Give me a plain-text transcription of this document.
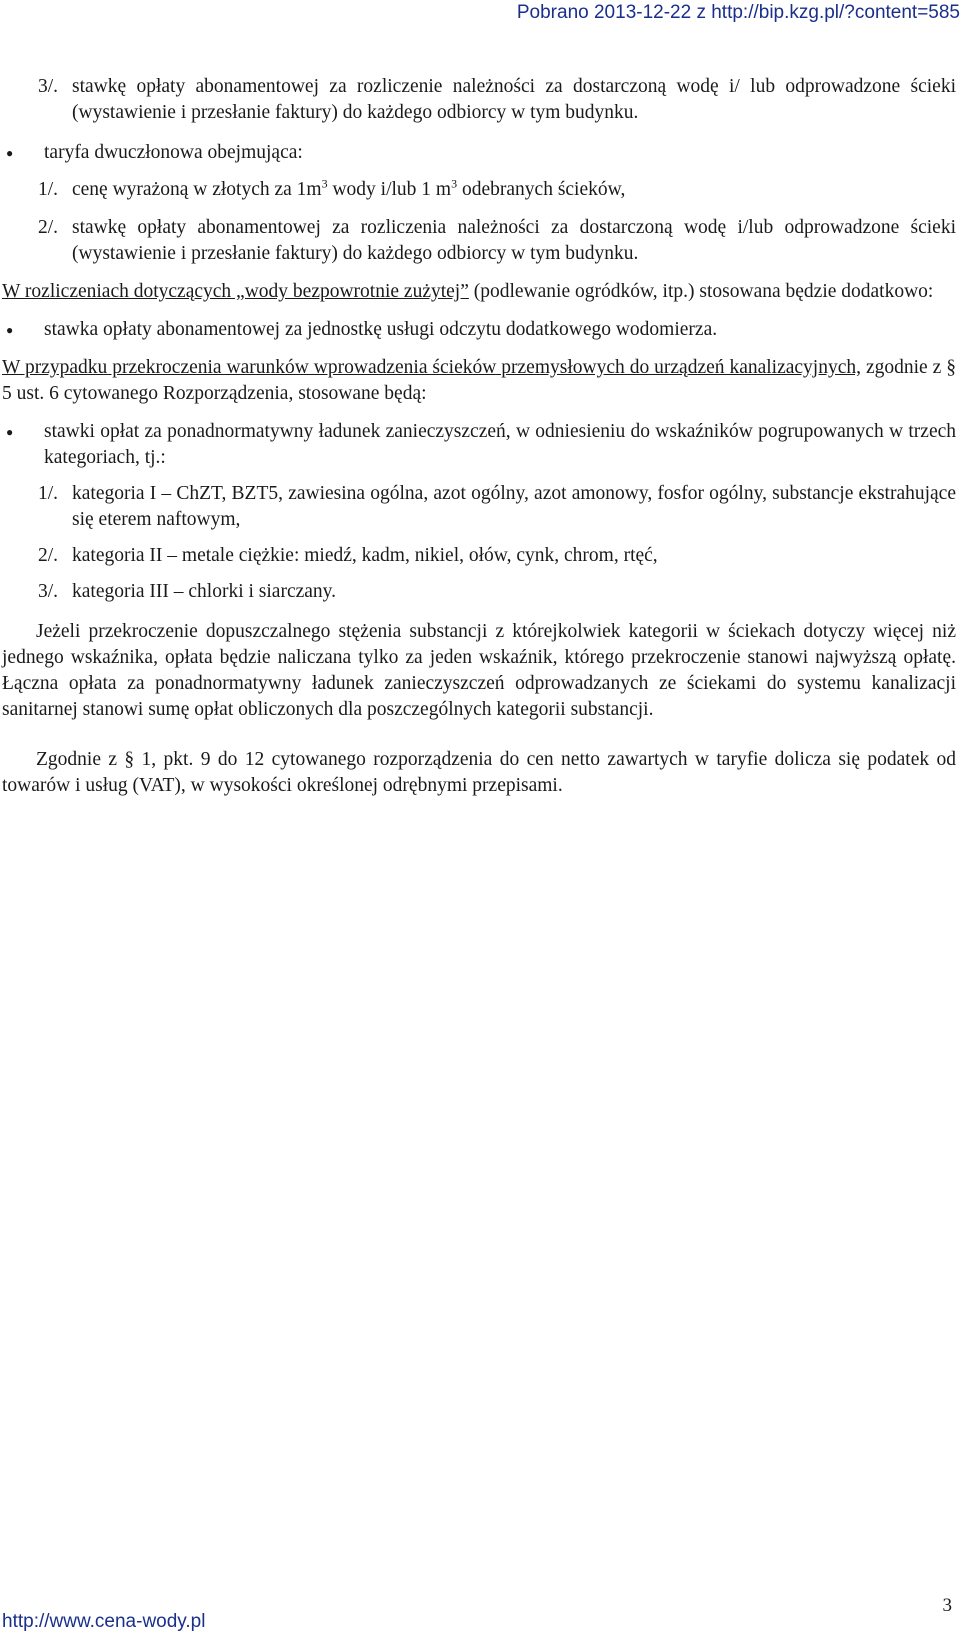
Pobrano 2013-12-22 z http://bip.kzg.pl/?content=585
3/. stawkę opłaty abonamentowej za rozliczenie należności za dostarczoną wodę i/ lub odprowadzone ścieki (wystawienie i przesłanie faktury) do każdego odbiorcy w tym budynku.
● taryfa dwuczłonowa obejmująca:
1/. cenę wyrażoną w złotych za $1m^3$ wody i/lub 1 $m^3$ odebranych ścieków,
2/. stawkę opłaty abonamentowej za rozliczenia należności za dostarczoną wodę i/lub odprowadzone ścieki (wystawienie i przesłanie faktury) do każdego odbiorcy w tym budynku.
W rozliczeniach dotyczących „wody bezpowrotnie zużytej” (podlewanie ogródków, itp.) stosowana będzie dodatkowo:
● stawka opłaty abonamentowej za jednostkę usługi odczytu dodatkowego wodomierza.
W przypadku przekroczenia warunków wprowadzenia ścieków przemysłowych do urządzeń kanalizacyjnych, zgodnie z § 5 ust. 6 cytowanego Rozporządzenia, stosowane będą:
● stawki opłat za ponadnormatywny ładunek zanieczyszczeń, w odniesieniu do wskaźników pogrupowanych w trzech kategoriach, tj.:
1/. kategoria I – ChZT, BZT5, zawiesina ogólna, azot ogólny, azot amonowy, fosfor ogólny, substancje ekstrahujące się eterem naftowym,
2/. kategoria II – metale ciężkie: miedź, kadm, nikiel, ołów, cynk, chrom, rtęć,
3/. kategoria III – chlorki i siarczany.
Jeżeli przekroczenie dopuszczalnego stężenia substancji z którejkolwiek kategorii w ściekach dotyczy więcej niż jednego wskaźnika, opłata będzie naliczana tylko za jeden wskaźnik, którego przekroczenie stanowi najwyższą opłatę. Łączna opłata za ponadnormatywny ładunek zanieczyszczeń odprowadzanych ze ściekami do systemu kanalizacji sanitarnej stanowi sumę opłat obliczonych dla poszczególnych kategorii substancji.
Zgodnie z § 1, pkt. 9 do 12 cytowanego rozporządzenia do cen netto zawartych w taryfie dolicza się podatek od towarów i usług (VAT), w wysokości określonej odrębnymi przepisami.
3
http://www.cena-wody.pl
